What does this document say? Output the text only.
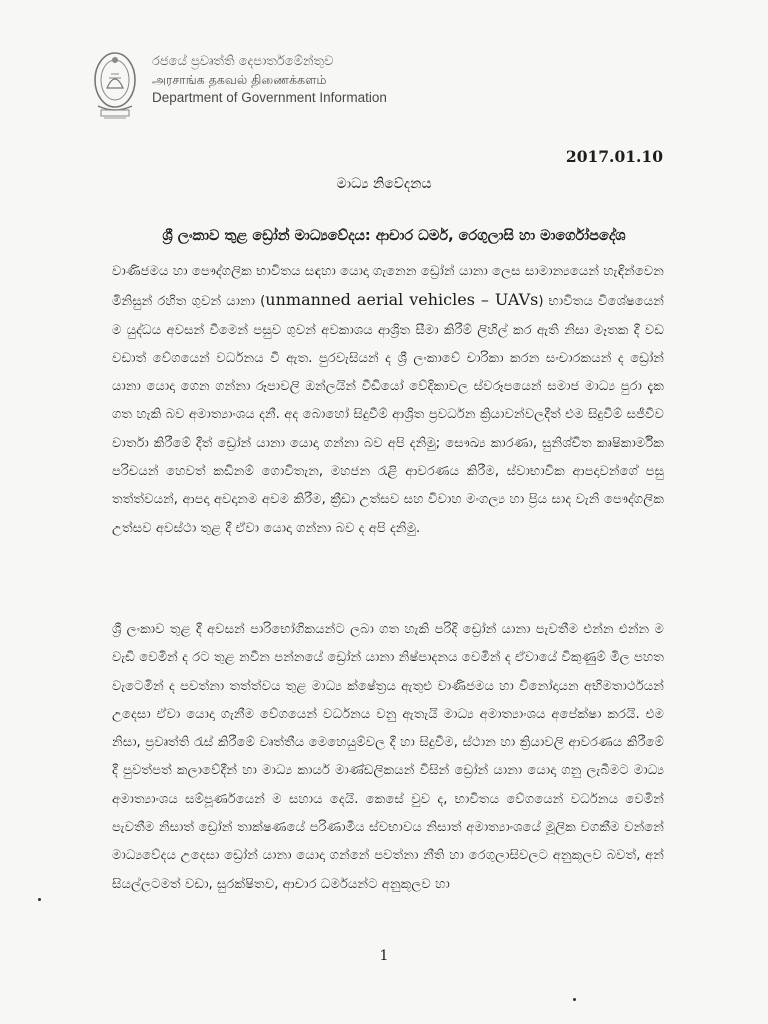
රජයේ ප්‍රවෘත්ති දෙපාර්තමේන්තුව
அரசாங்க தகவல் திணைக்களம்
Department of Government Information
2017.01.10
මාධ්‍ය නිවේදනය
ශ්‍රී ලංකාව තුළ ඩ්‍රෝන් මාධ්‍යවේදය: ආචාර ධර්ම, රෙගුලාසි හා මාර්ගෝපදේශ

වාණිජමය හා පෞද්ගලික භාවිතය සඳහා යොදා ගැනෙන ඩ්‍රෝන් යානා ලෙස සාමාන්‍යයෙන් හැඳින්වෙන මිනිසුන් රහිත ගුවන් යානා (unmanned aerial vehicles – UAVs) භාවිතය විශේෂයෙන් ම යුද්ධය අවසන් වීමෙන් පසුව ගුවන් අවකාශය ආශ්‍රිත සීමා කිරීම් ලිහිල් කර ඇති නිසා මෑතක දී වඩ වඩාත් වේගයෙන් වර්ධනය වී ඇත. පුරවැසියන් ද ශ්‍රී ලංකාවේ චාරිකා කරන සංචාරකයන් ද ඩ්‍රෝන් යානා යොදා ගෙන ගන්නා රූපාවලි ඔන්ලයින් වීඩියෝ වේදිකාවල ස්වරූපයෙන් සමාජ මාධ්‍ය පුරා දැක ගත හැකි බව අමාත්‍යාංශය දනී. අද බොහෝ සිදුවීම් ආශ්‍රිත ප්‍රවර්ධන ක්‍රියාවන්වලදීත් එම සිදුවීම් සජීවීව වාර්තා කිරීමේ දීත් ඩ්‍රෝන් යානා යොදා ගන්නා බව අපි දනිමු; සෞඛ්‍ය කාරණා, සුනිශ්චිත කෘෂිකාර්මික පරිචයන් හෙවත් කඩිනම් ගොවිතැන, මහජන රැළි ආවරණය කිරීම, ස්වාභාවික ආපදාවන්ගේ පසු තත්ත්වයන්, ආපදා අවදානම අවම කිරීම, ක්‍රීඩා උත්සව සහ විවාහ මංගල්‍ය හා ප්‍රිය සාද වැනි පෞද්ගලික උත්සව අවස්ථා තුළ දී ඒවා යොදා ගන්නා බව ද අපි දනිමු.

ශ්‍රී ලංකාව තුළ දී අවසන් පාරිභෝගිකයන්ට ලබා ගත හැකි පරිදි ඩ්‍රෝන් යානා පැවතීම එන්න එන්න ම වැඩි වෙමින් ද රට තුළ නවීන පන්නයේ ඩ්‍රෝන් යානා නිෂ්පාදනය වෙමින් ද ඒවායේ විකුණුම් මිල පහත වැටෙමින් ද පවත්නා තත්ත්වය තුළ මාධ්‍ය ක්ෂේත්‍රය ඇතුළු වාණිජමය හා විනෝදායන අභිමතාර්ථයන් උදෙසා ඒවා යොදා ගැනීම වේගයෙන් වර්ධනය වනු ඇතැයි මාධ්‍ය අමාත්‍යාංශය අපේක්ෂා කරයි. එම නිසා, ප්‍රවෘත්ති රැස් කිරීමේ වෘත්තීය මෙහෙයුම්වල දී හා සිදුවීම, ස්ථාන හා ක්‍රියාවලි ආවරණය කිරීමේ දී පුවත්පත් කලාවේදීන් හා මාධ්‍ය කාර්ය මාණ්ඩලිකයන් විසින් ඩ්‍රෝන් යානා යොදා ගනු ලැබීමට මාධ්‍ය අමාත්‍යාංශය සම්පූර්ණයෙන් ම සහාය දෙයි. කෙසේ වුව ද, භාවිතය වේගයෙන් වර්ධනය වෙමින් පැවතීම නිසාත් ඩ්‍රෝන් තාක්ෂණයේ පරිණාමීය ස්වභාවය නිසාත් අමාත්‍යාංශයේ මූලික වගකීම වන්නේ මාධ්‍යවේදය උදෙසා ඩ්‍රෝන් යානා යොදා ගන්නේ පවත්නා නීති හා රෙගුලාසිවලට අනුකූලව බවත්, අන් සියල්ලටමත් වඩා, සුරක්ෂිතව, ආචාර ධර්මයන්ට අනුකූලව හා

1
